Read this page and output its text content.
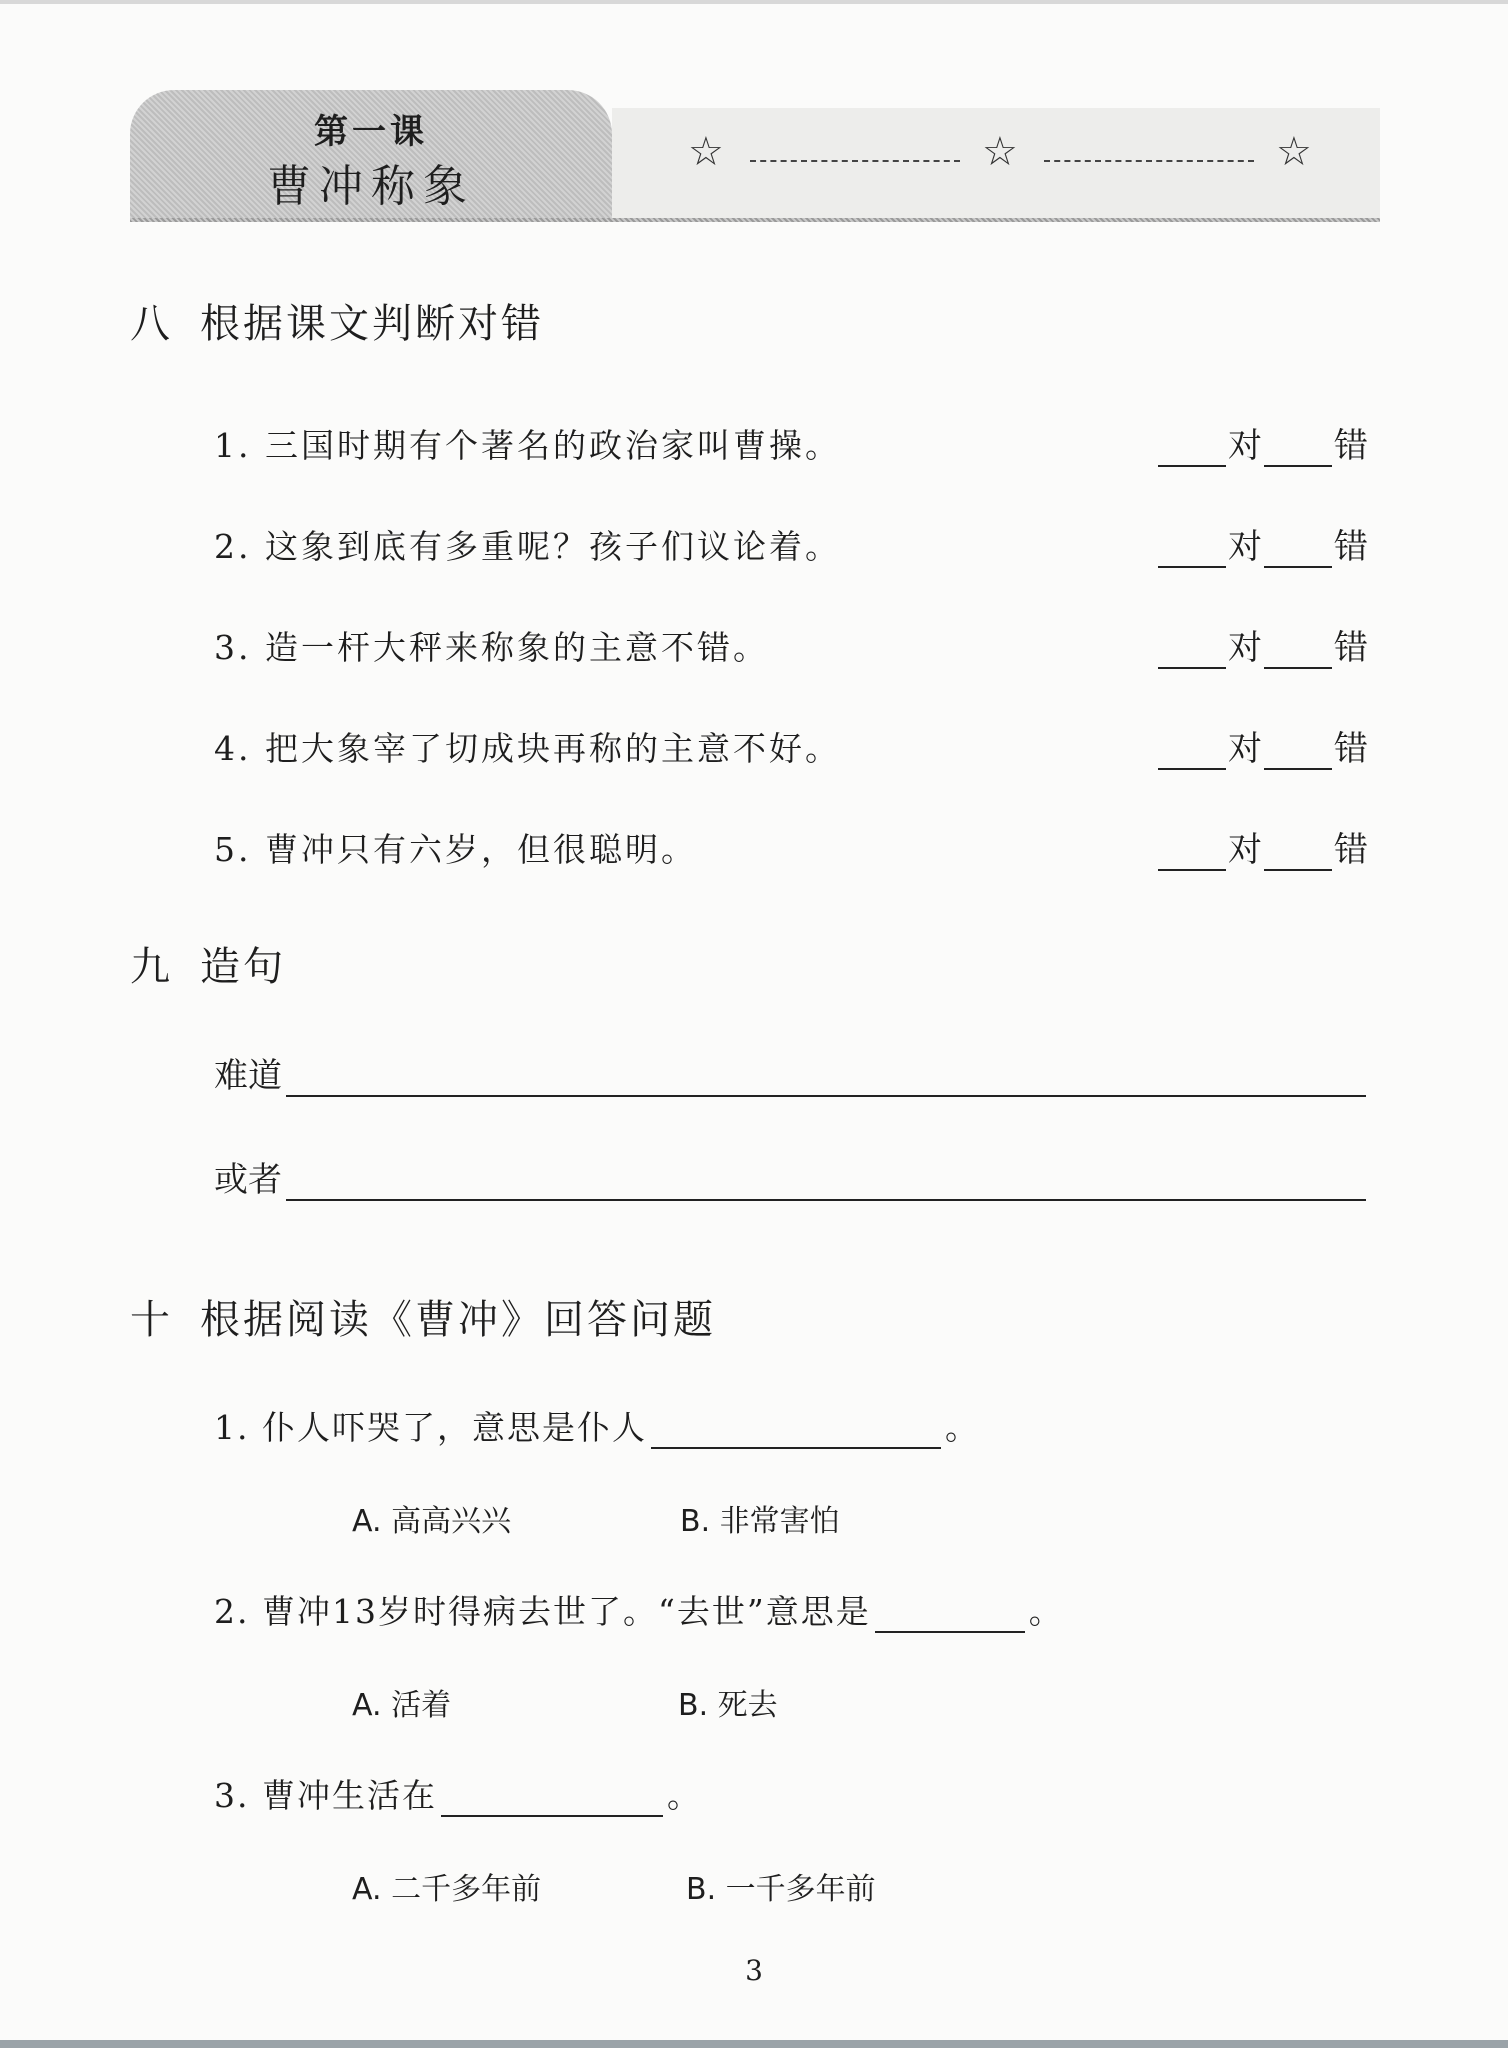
第一课
曹冲称象
☆	☆	☆
八 根据课文判断对错
1. 三国时期有个著名的政治家叫曹操。	对 错
2. 这象到底有多重呢？孩子们议论着。	对 错
3. 造一杆大秤来称象的主意不错。	对 错
4. 把大象宰了切成块再称的主意不好。	对 错
5. 曹冲只有六岁，但很聪明。	对 错
九 造句
难道
或者
十 根据阅读《曹冲》回答问题
1. 仆人吓哭了，意思是仆人	。
A. 高高兴兴	B. 非常害怕
2. 曹冲13岁时得病去世了。“去世”意思是	。
A. 活着	B. 死去
3. 曹冲生活在	。
A. 二千多年前	B. 一千多年前
3
